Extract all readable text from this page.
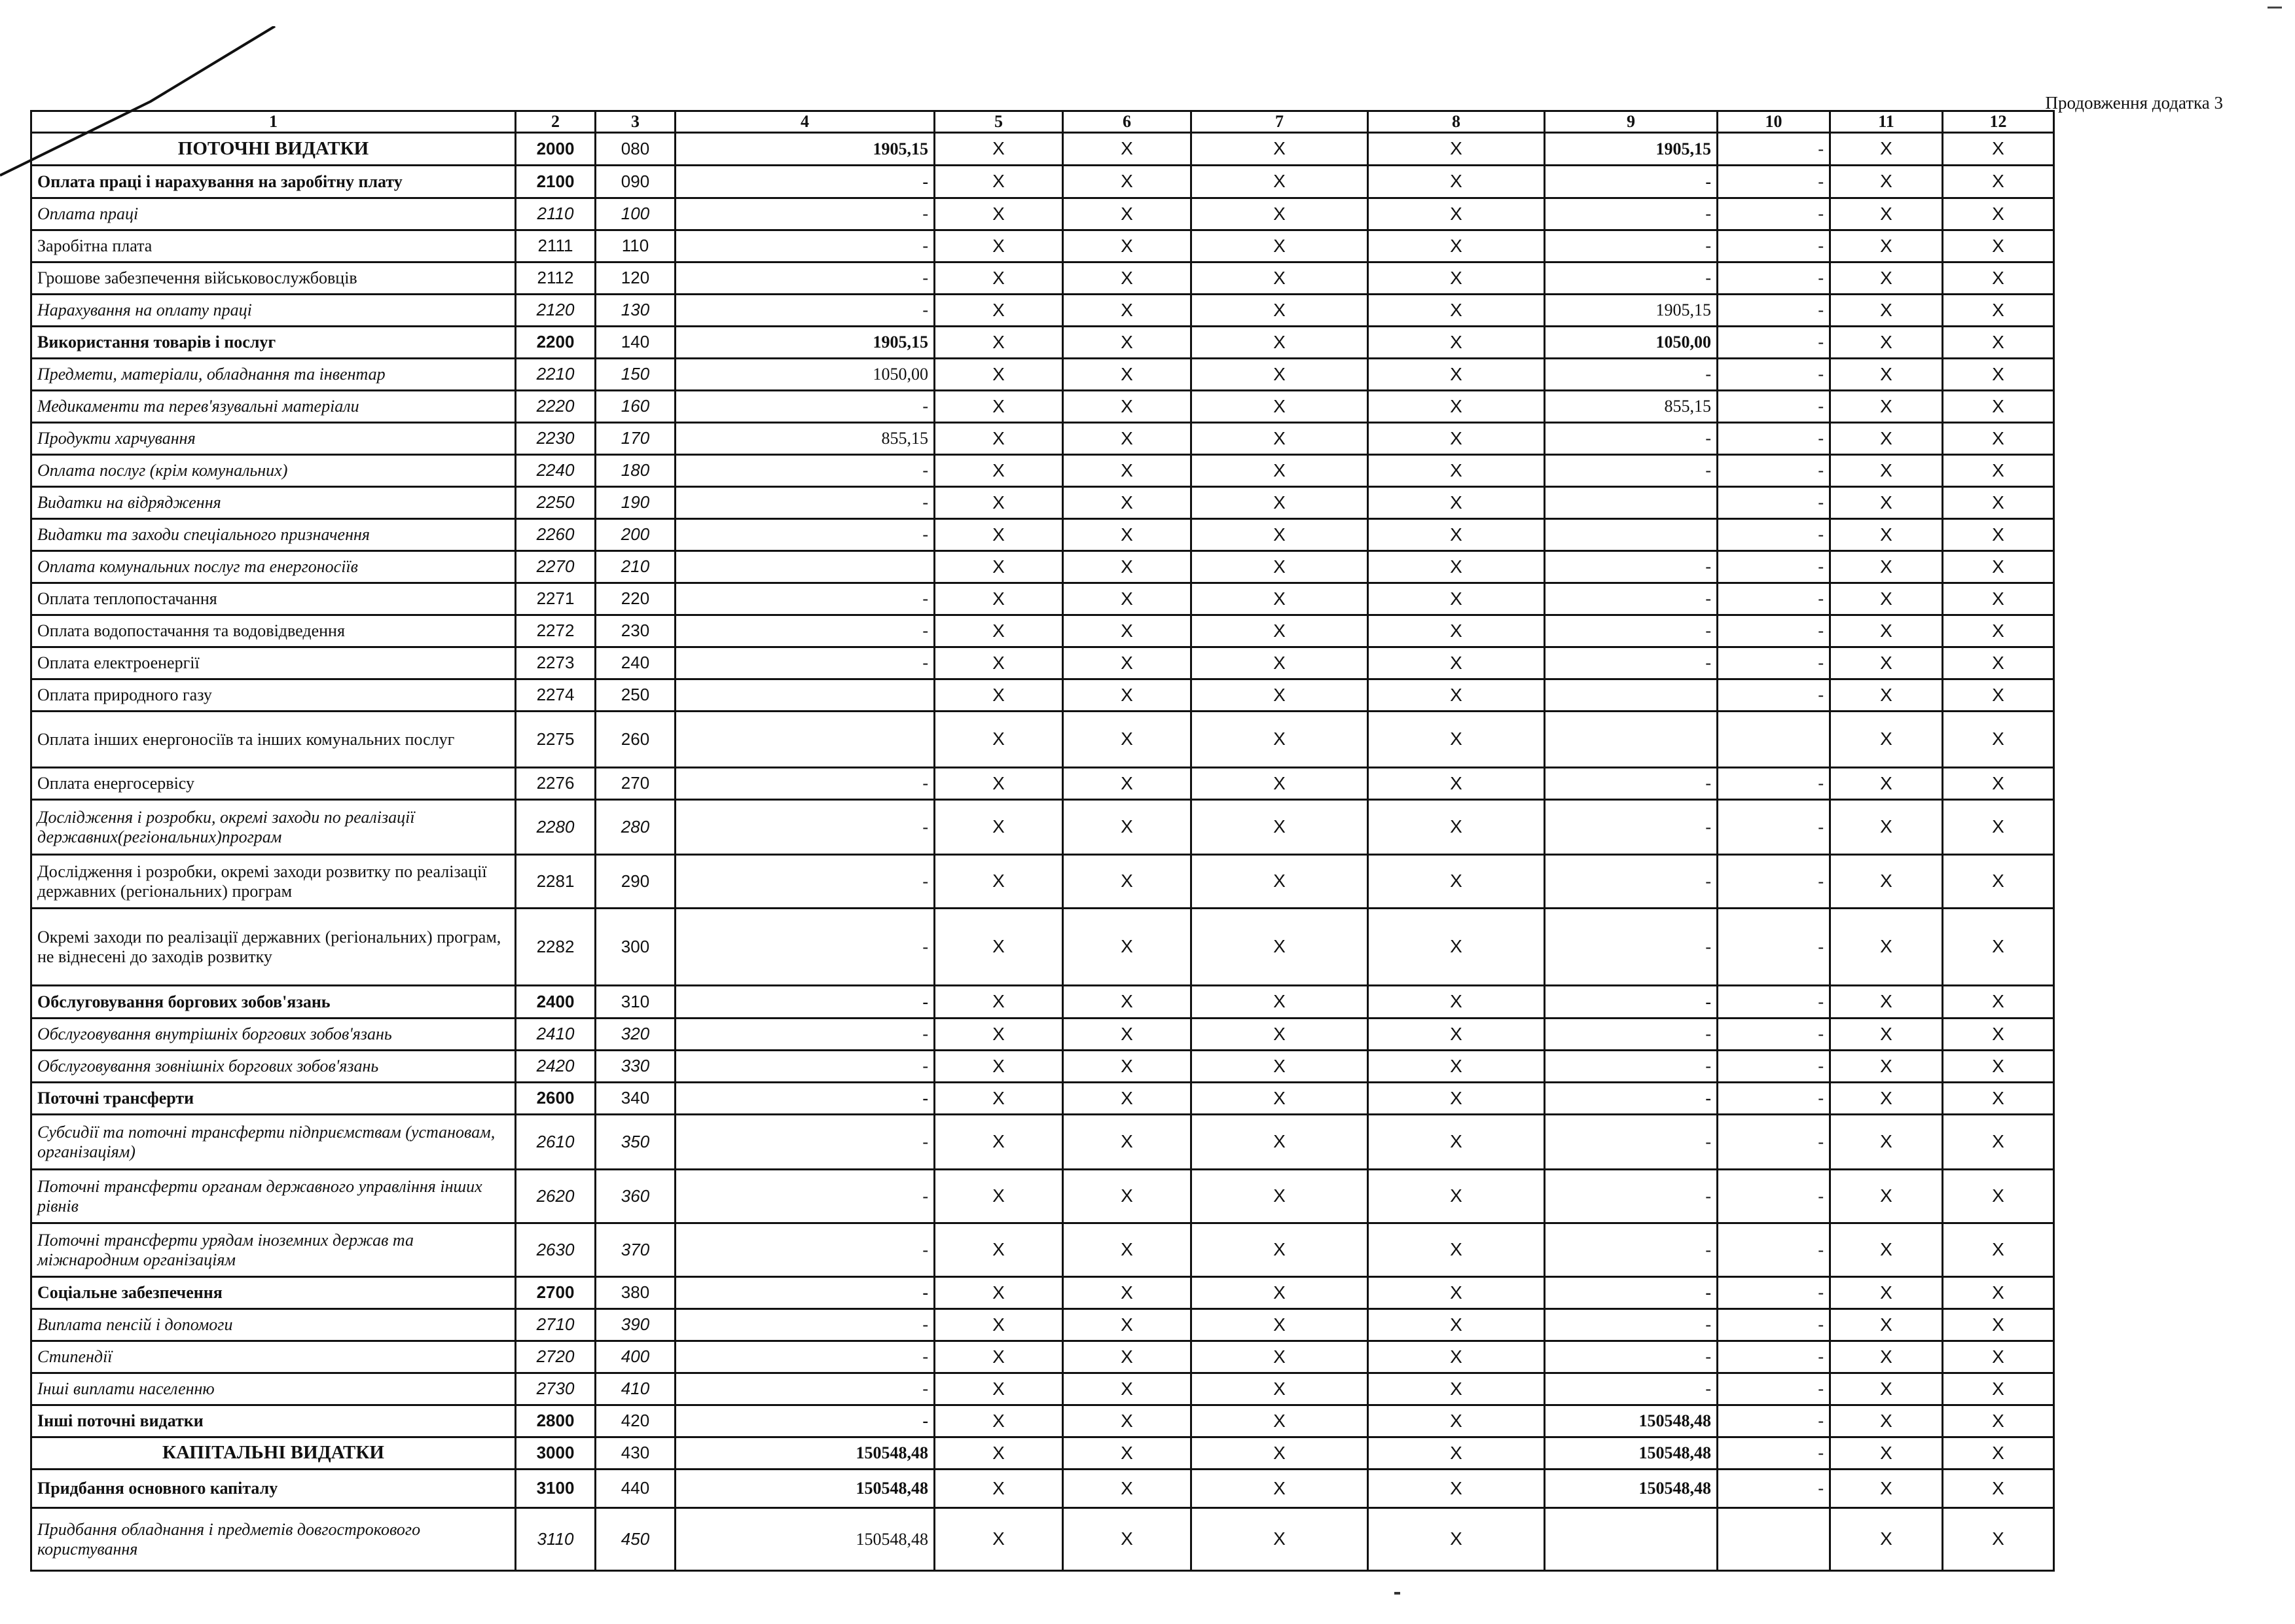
Продовження додатка 3
1	2	3	4	5	6	7	8	9	10	11	12
ПОТОЧНІ ВИДАТКИ	2000	080	1905,15	X	X	X	X	1905,15	-	X	X
Оплата праці і нарахування на заробітну плату	2100	090	-	X	X	X	X	-	-	X	X
Оплата праці	2110	100	-	X	X	X	X	-	-	X	X
Заробітна плата	2111	110	-	X	X	X	X	-	-	X	X
Грошове забезпечення військовослужбовців	2112	120	-	X	X	X	X	-	-	X	X
Нарахування на оплату праці	2120	130	-	X	X	X	X	1905,15	-	X	X
Використання товарів і послуг	2200	140	1905,15	X	X	X	X	1050,00	-	X	X
Предмети, матеріали, обладнання та інвентар	2210	150	1050,00	X	X	X	X	-	-	X	X
Медикаменти та перев'язувальні матеріали	2220	160	-	X	X	X	X	855,15	-	X	X
Продукти харчування	2230	170	855,15	X	X	X	X	-	-	X	X
Оплата послуг (крім комунальних)	2240	180	-	X	X	X	X	-	-	X	X
Видатки на відрядження	2250	190	-	X	X	X	X		-	X	X
Видатки та заходи спеціального призначення	2260	200	-	X	X	X	X		-	X	X
Оплата комунальних послуг та енергоносіїв	2270	210		X	X	X	X	-	-	X	X
Оплата теплопостачання	2271	220	-	X	X	X	X	-	-	X	X
Оплата водопостачання та водовідведення	2272	230	-	X	X	X	X	-	-	X	X
Оплата електроенергії	2273	240	-	X	X	X	X	-	-	X	X
Оплата природного газу	2274	250		X	X	X	X		-	X	X
Оплата інших енергоносіїв та інших комунальних послуг	2275	260		X	X	X	X			X	X
Оплата енергосервісу	2276	270	-	X	X	X	X	-	-	X	X
Дослідження і розробки, окремі заходи по реалізації державних(регіональних)програм	2280	280	-	X	X	X	X	-	-	X	X
Дослідження і розробки, окремі заходи розвитку по реалізації державних (регіональних) програм	2281	290	-	X	X	X	X	-	-	X	X
Окремі заходи по реалізації державних (регіональних) програм, не віднесені до заходів розвитку	2282	300	-	X	X	X	X	-	-	X	X
Обслуговування боргових зобов'язань	2400	310	-	X	X	X	X	-	-	X	X
Обслуговування внутрішніх боргових зобов'язань	2410	320	-	X	X	X	X	-	-	X	X
Обслуговування зовнішніх боргових зобов'язань	2420	330	-	X	X	X	X	-	-	X	X
Поточні трансферти	2600	340	-	X	X	X	X	-	-	X	X
Субсидії та поточні трансферти підприємствам (установам, організаціям)	2610	350	-	X	X	X	X	-	-	X	X
Поточні трансферти органам державного управління інших рівнів	2620	360	-	X	X	X	X	-	-	X	X
Поточні трансферти урядам іноземних держав та міжнародним організаціям	2630	370	-	X	X	X	X	-	-	X	X
Соціальне забезпечення	2700	380	-	X	X	X	X	-	-	X	X
Виплата пенсій і допомоги	2710	390	-	X	X	X	X	-	-	X	X
Стипендії	2720	400	-	X	X	X	X	-	-	X	X
Інші виплати населенню	2730	410	-	X	X	X	X	-	-	X	X
Інші поточні видатки	2800	420	-	X	X	X	X	150548,48	-	X	X
КАПІТАЛЬНІ ВИДАТКИ	3000	430	150548,48	X	X	X	X	150548,48	-	X	X
Придбання основного капіталу	3100	440	150548,48	X	X	X	X	150548,48	-	X	X
Придбання обладнання і предметів довгострокового користування	3110	450	150548,48	X	X	X	X			X	X
